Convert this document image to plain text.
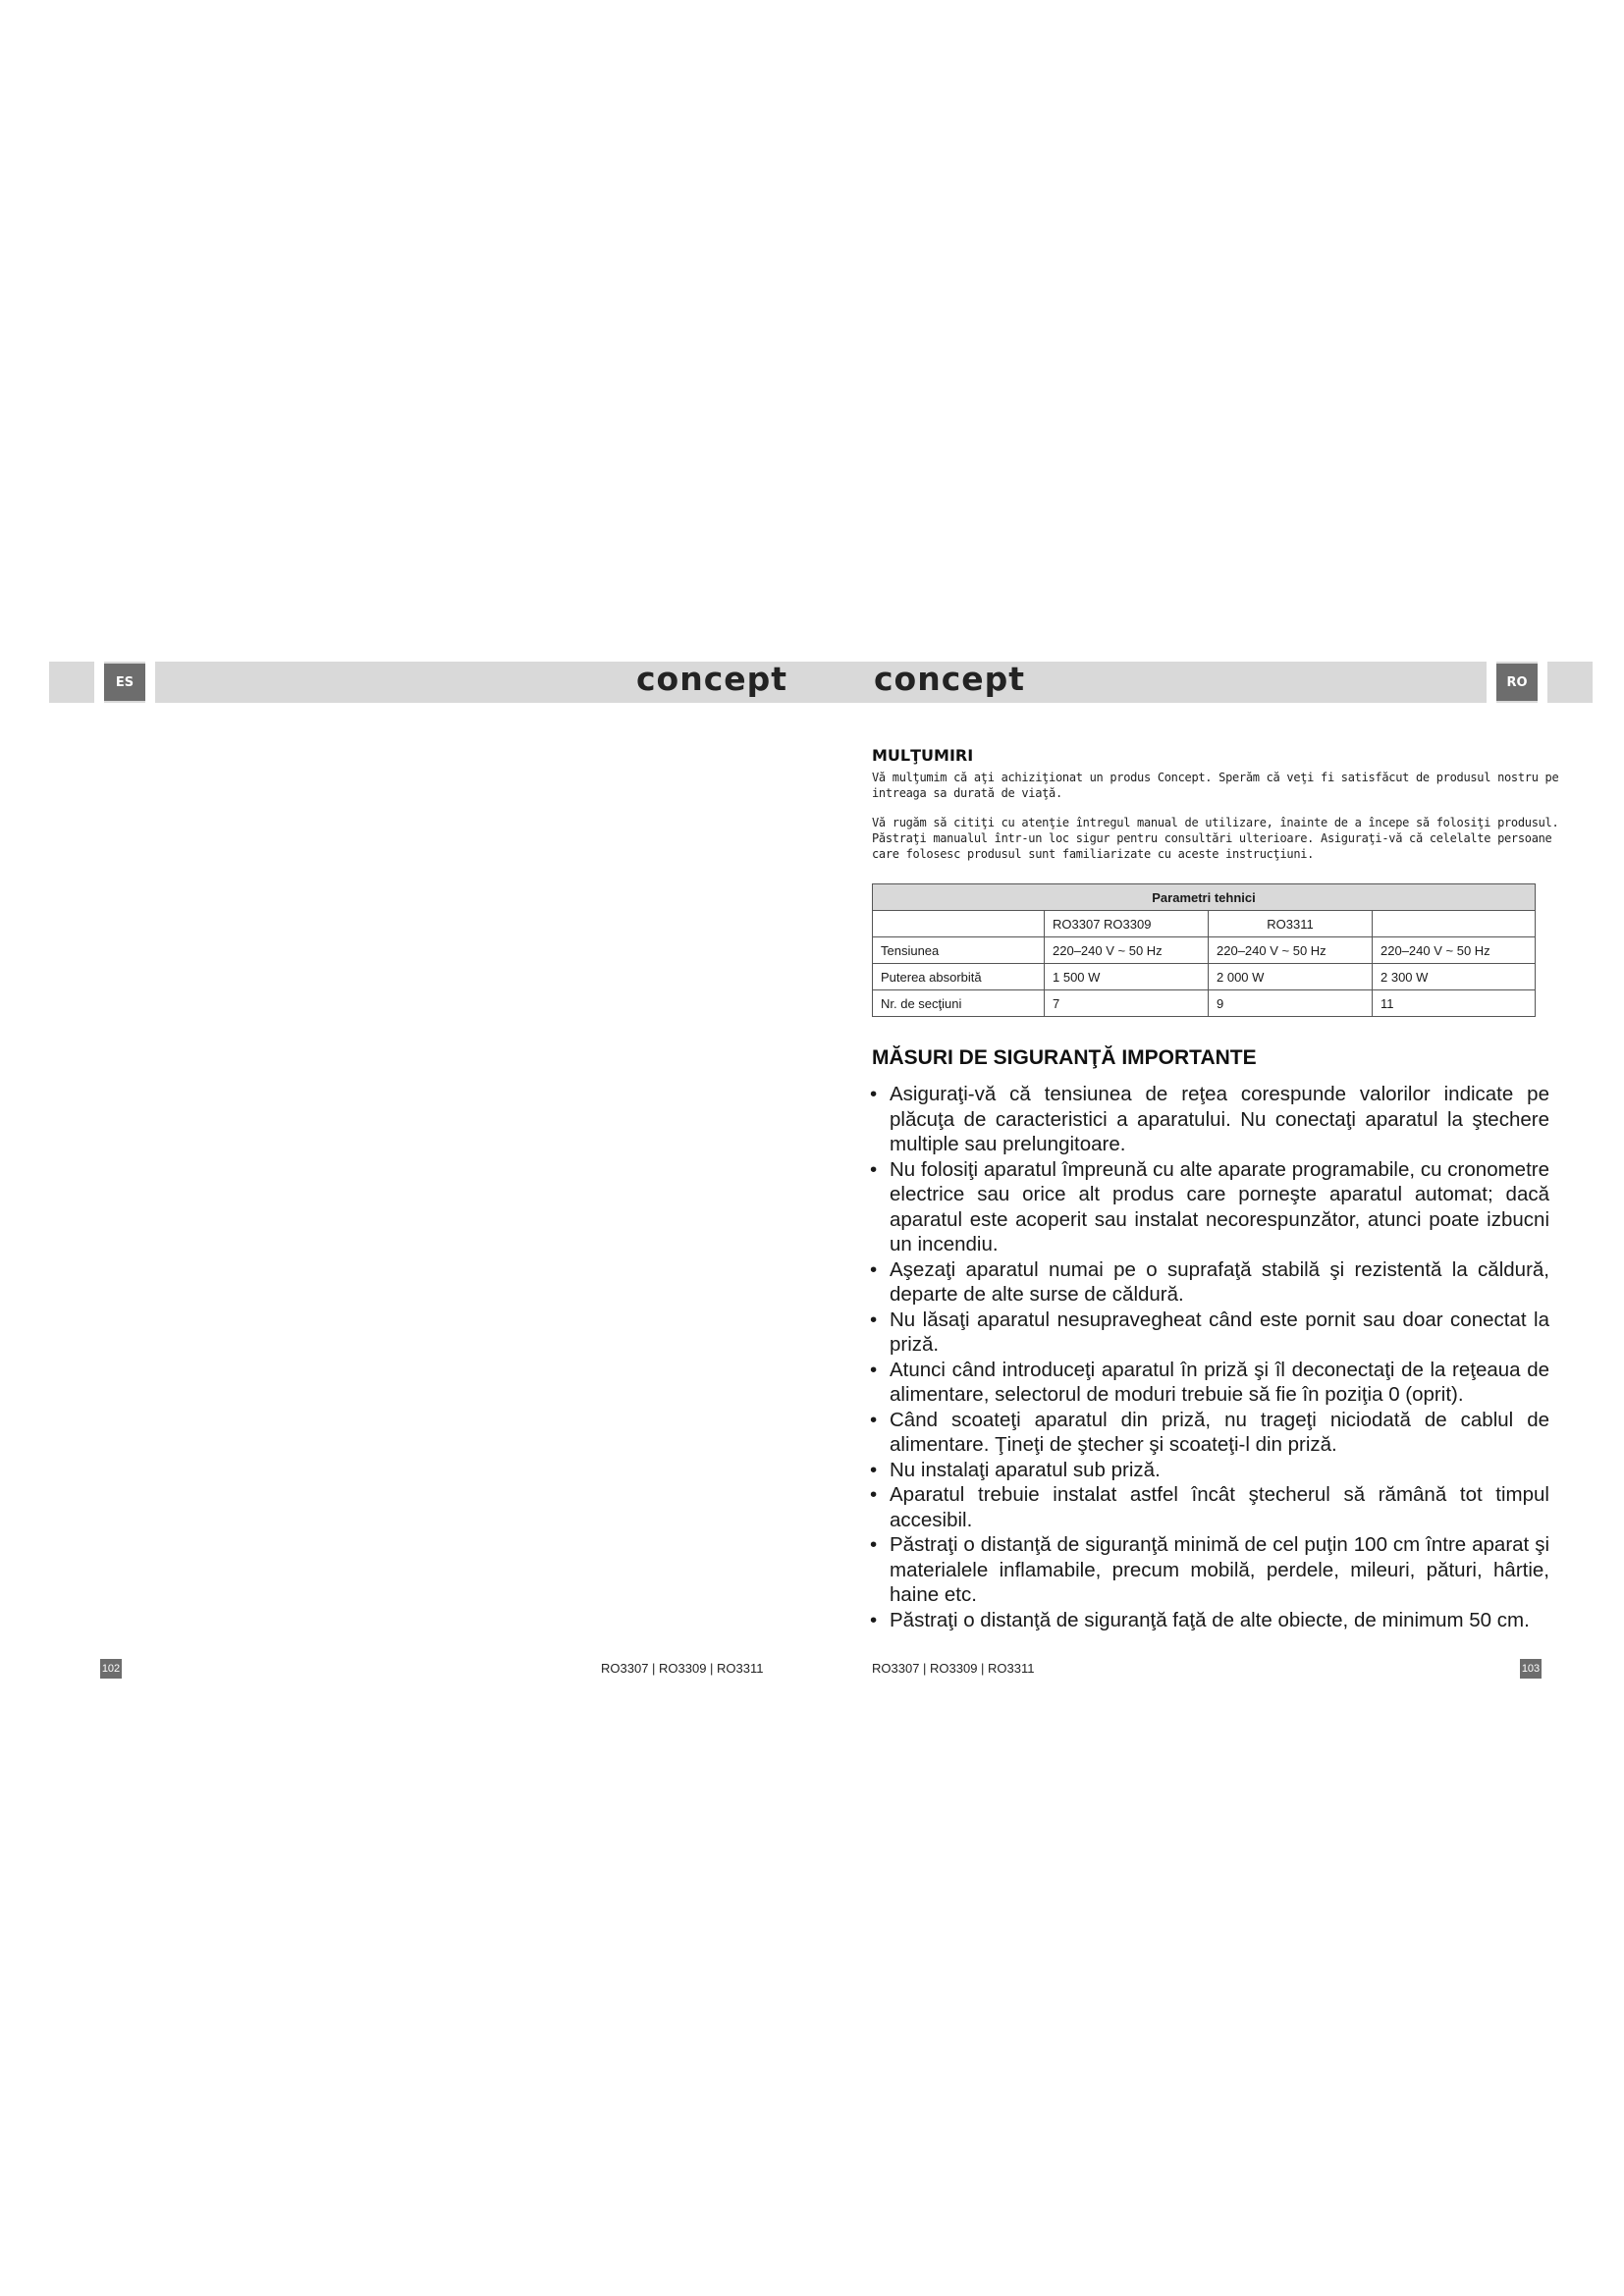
ES	concept	concept	RO
MULŢUMIRI
Vă mulţumim că aţi achiziţionat un produs Concept. Sperăm că veţi fi satisfăcut de produsul nostru pe intreaga sa durată de viaţă.
Vă rugăm să citiţi cu atenţie întregul manual de utilizare, înainte de a începe să folosiţi produsul. Păstraţi manualul într-un loc sigur pentru consultări ulterioare. Asiguraţi-vă că celelalte persoane care folosesc produsul sunt familiarizate cu aceste instrucţiuni.
Parametri tehnici			
	RO3307 RO3309	RO3311	
Tensiunea	220–240 V ~ 50 Hz	220–240 V ~ 50 Hz	220–240 V ~ 50 Hz
Puterea absorbită	1 500 W	2 000 W	2 300 W
Nr. de secţiuni	7	9	11
MĂSURI DE SIGURANŢĂ IMPORTANTE
• Asiguraţi-vă că tensiunea de reţea corespunde valorilor indicate pe plăcuţa de caracteristici a aparatului. Nu conectaţi aparatul la ştechere multiple sau prelungitoare.
• Nu folosiţi aparatul împreună cu alte aparate programabile, cu cronometre electrice sau orice alt produs care porneşte aparatul automat; dacă aparatul este acoperit sau instalat necorespunzător, atunci poate izbucni un incendiu.
• Aşezaţi aparatul numai pe o suprafaţă stabilă şi rezistentă la căldură, departe de alte surse de căldură.
• Nu lăsaţi aparatul nesupravegheat când este pornit sau doar conectat la priză.
• Atunci când introduceţi aparatul în priză şi îl deconectaţi de la reţeaua de alimentare, selectorul de moduri trebuie să fie în poziţia 0 (oprit).
• Când scoateţi aparatul din priză, nu trageţi niciodată de cablul de alimentare. Ţineţi de ştecher şi scoateţi-l din priză.
• Nu instalaţi aparatul sub priză.
• Aparatul trebuie instalat astfel încât ştecherul să rămână tot timpul accesibil.
• Păstraţi o distanţă de siguranţă minimă de cel puţin 100 cm între aparat şi materialele inflamabile, precum mobilă, perdele, mileuri, pături, hârtie, haine etc.
• Păstraţi o distanţă de siguranţă faţă de alte obiecte, de minimum 50 cm.
102	RO3307 | RO3309 | RO3311	RO3307 | RO3309 | RO3311	103
